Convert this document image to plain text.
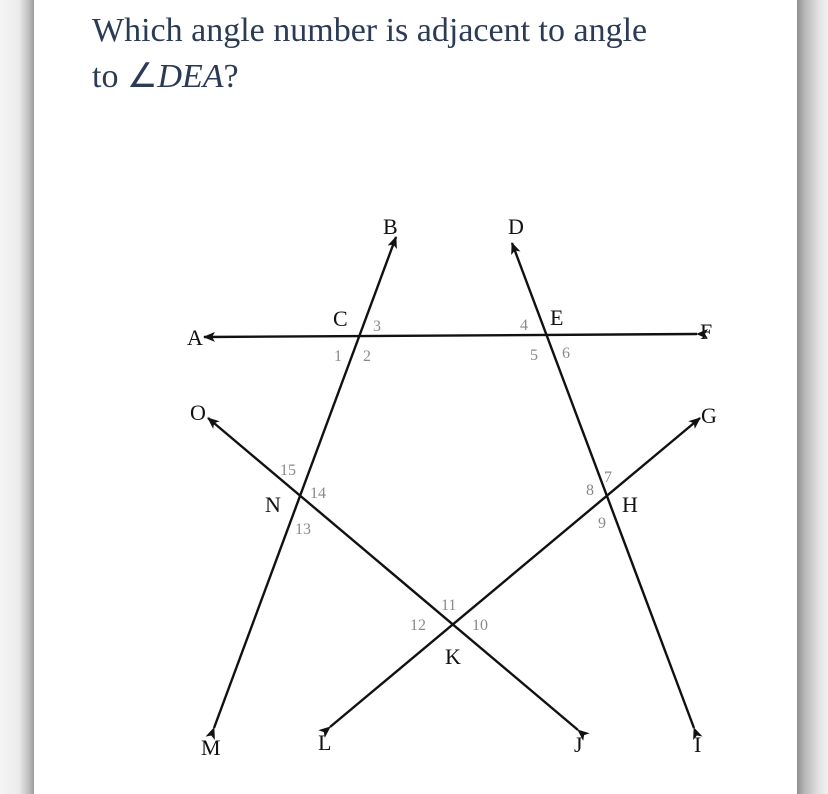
Which angle number is adjacent to angle
to ∠DEA?

A
B
C
D
E
F
G
H
I
J
K
L
M
N
O
1 2
3	4
5 6
7
8
9
10
11
12
13
14
15
